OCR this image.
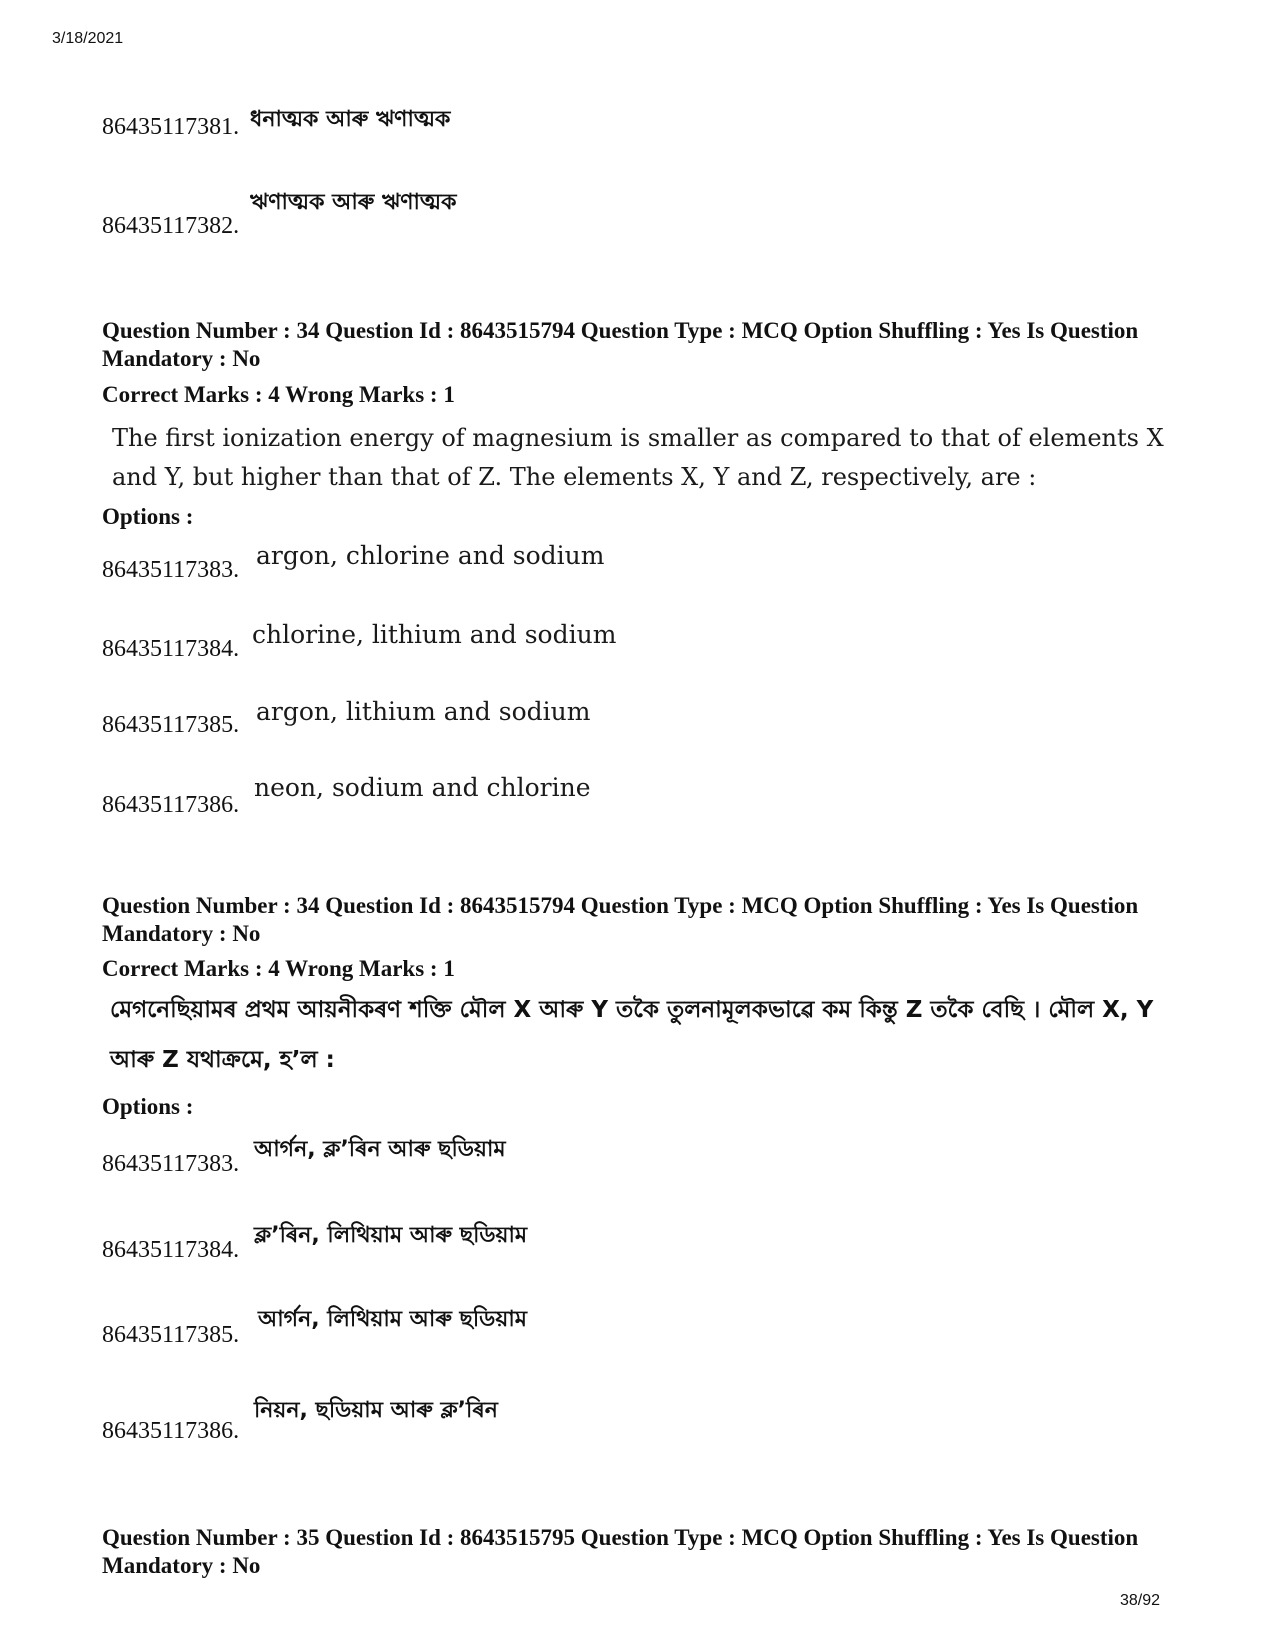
3/18/2021
ধনাত্মক আৰু ঋণাত্মক
86435117381.
ঋণাত্মক আৰু ঋণাত্মক
86435117382.
Question Number : 34 Question Id : 8643515794 Question Type : MCQ Option Shuffling : Yes Is Question Mandatory : No
Correct Marks : 4 Wrong Marks : 1
The first ionization energy of magnesium is smaller as compared to that of elements X and Y, but higher than that of Z. The elements X, Y and Z, respectively, are :
Options :
argon, chlorine and sodium
86435117383.
chlorine, lithium and sodium
86435117384.
argon, lithium and sodium
86435117385.
neon, sodium and chlorine
86435117386.
Question Number : 34 Question Id : 8643515794 Question Type : MCQ Option Shuffling : Yes Is Question Mandatory : No
Correct Marks : 4 Wrong Marks : 1
মেগনেছিয়ামৰ প্ৰথম আয়নীকৰণ শক্তি মৌল X আৰু Y তকৈ তুলনামূলকভাৱে কম কিন্তু Z তকৈ বেছি । মৌল X, Y আৰু Z যথাক্ৰমে, হ’ল :
Options :
আৰ্গন, ক্ল’ৰিন আৰু ছডিয়াম
86435117383.
ক্ল’ৰিন, লিথিয়াম আৰু ছডিয়াম
86435117384.
আৰ্গন, লিথিয়াম আৰু ছডিয়াম
86435117385.
নিয়ন, ছডিয়াম আৰু ক্ল’ৰিন
86435117386.
Question Number : 35 Question Id : 8643515795 Question Type : MCQ Option Shuffling : Yes Is Question Mandatory : No
38/92
